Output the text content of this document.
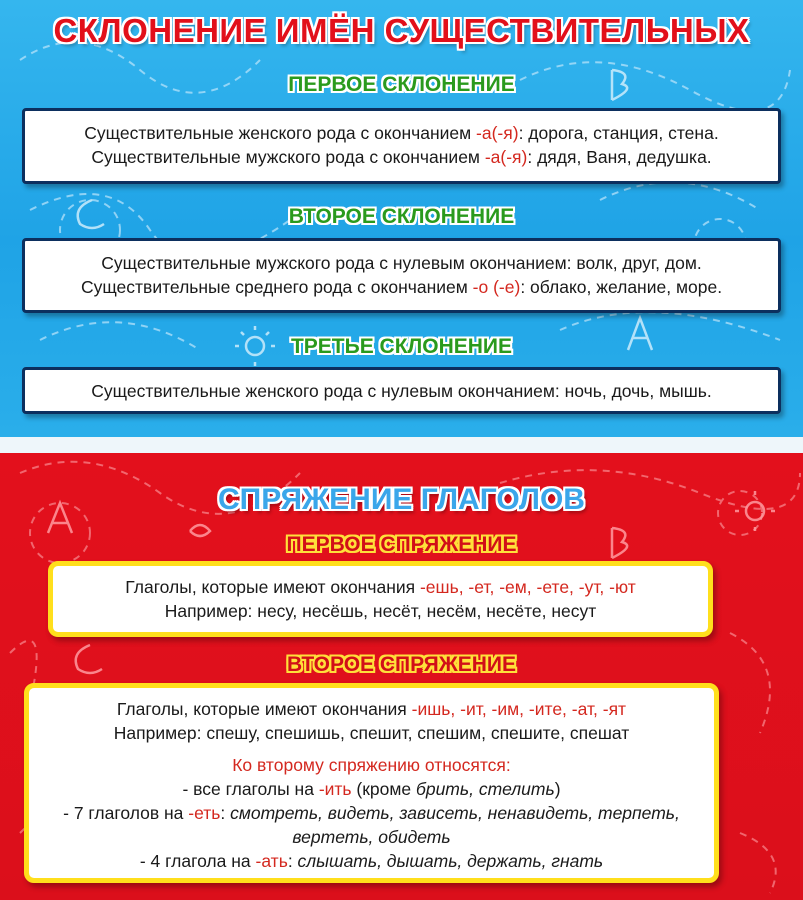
СКЛОНЕНИЕ ИМЁН СУЩЕСТВИТЕЛЬНЫХ
ПЕРВОЕ СКЛОНЕНИЕ
Существительные женского рода с окончанием -а(-я): дорога, станция, стена.
Существительные мужского рода с окончанием -а(-я): дядя, Ваня, дедушка.
ВТОРОЕ СКЛОНЕНИЕ
Существительные мужского рода с нулевым окончанием: волк, друг, дом.
Существительные среднего рода с окончанием -о (-е): облако, желание, море.
ТРЕТЬЕ СКЛОНЕНИЕ
Существительные женского рода с нулевым окончанием: ночь, дочь, мышь.
СПРЯЖЕНИЕ ГЛАГОЛОВ
ПЕРВОЕ СПРЯЖЕНИЕ
Глаголы, которые имеют окончания -ешь, -ет, -ем, -ете, -ут, -ют
Например: несу, несёшь, несёт, несём, несёте, несут
ВТОРОЕ СПРЯЖЕНИЕ
Глаголы, которые имеют окончания -ишь, -ит, -им, -ите, -ат, -ят
Например: спешу, спешишь, спешит, спешим, спешите, спешат
Ко второму спряжению относятся:
- все глаголы на -ить (кроме брить, стелить)
- 7 глаголов на -еть: смотреть, видеть, зависеть, ненавидеть, терпеть,
вертеть, обидеть
- 4 глагола на -ать: слышать, дышать, держать, гнать
